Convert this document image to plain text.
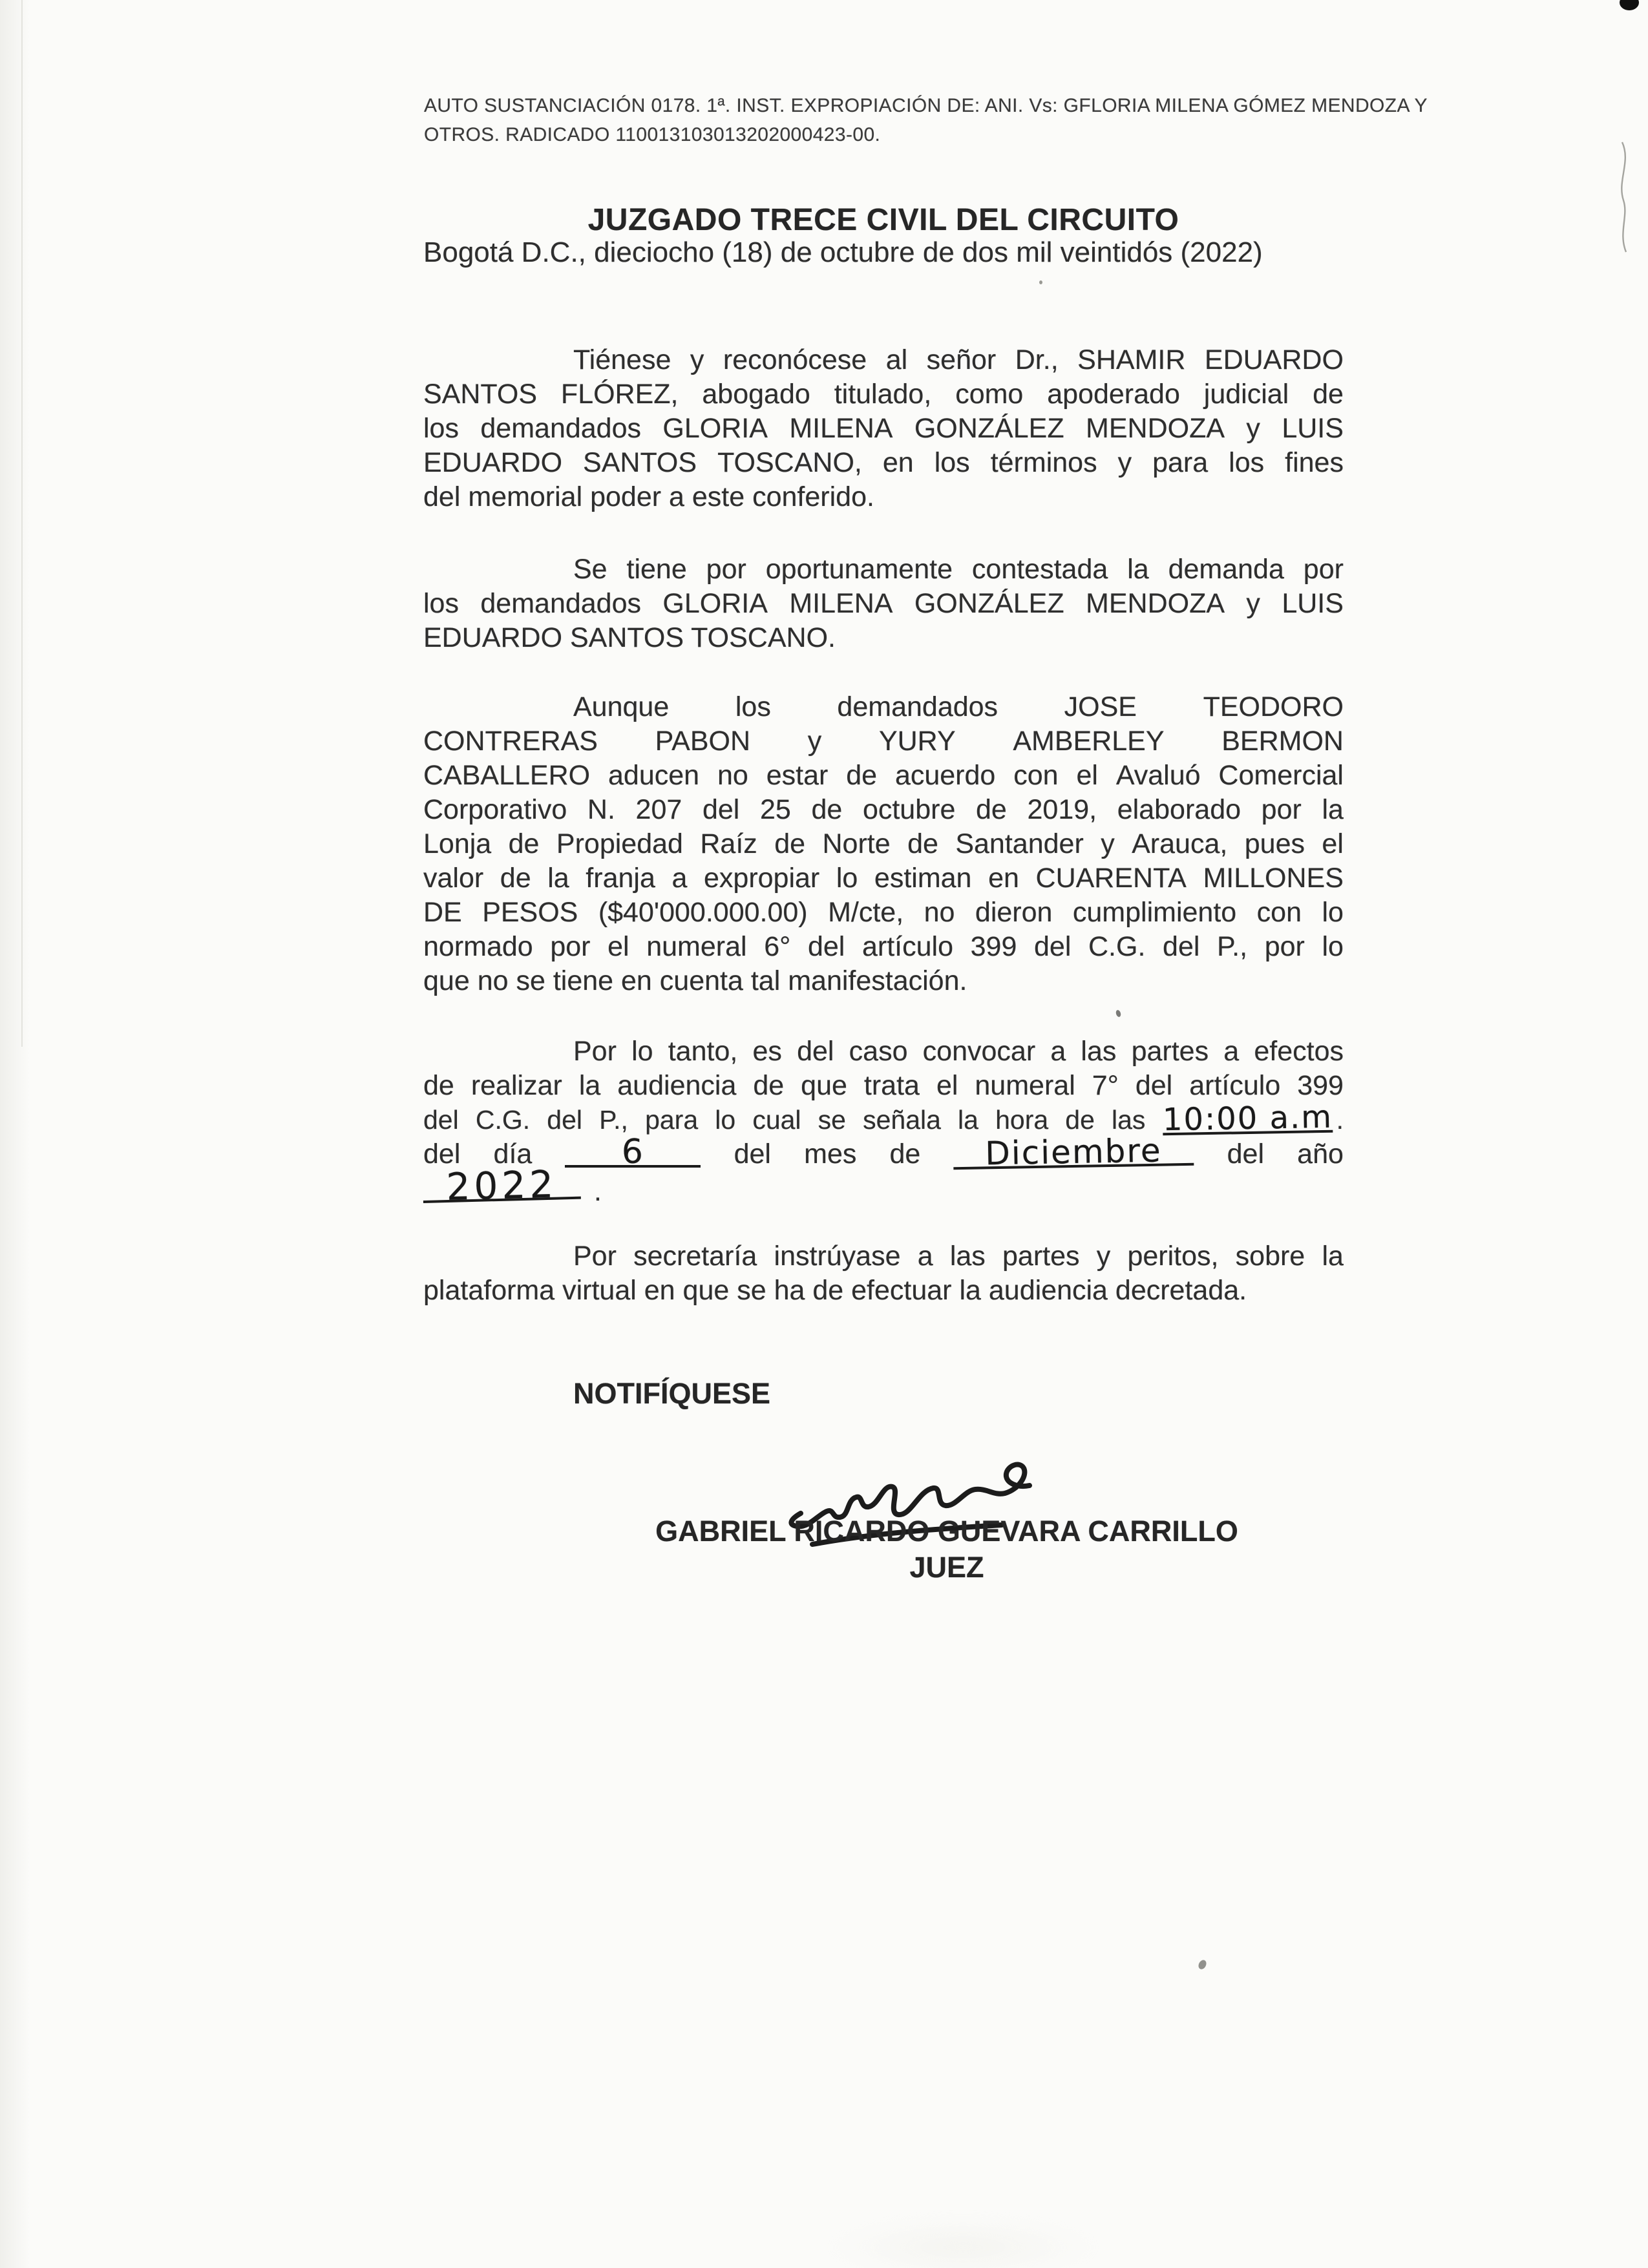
AUTO SUSTANCIACIÓN 0178. 1ª. INST. EXPROPIACIÓN DE: ANI. Vs: GFLORIA MILENA GÓMEZ MENDOZA Y
OTROS. RADICADO 110013103013202000423-00.
JUZGADO TRECE CIVIL DEL CIRCUITO
Bogotá D.C., dieciocho (18) de octubre de dos mil veintidós (2022)
Tiénese y reconócese al señor Dr., SHAMIR EDUARDO
SANTOS FLÓREZ, abogado titulado, como apoderado judicial de
los demandados GLORIA MILENA GONZÁLEZ MENDOZA y LUIS
EDUARDO SANTOS TOSCANO, en los términos y para los fines
del memorial poder a este conferido.
Se tiene por oportunamente contestada la demanda por
los demandados GLORIA MILENA GONZÁLEZ MENDOZA y LUIS
EDUARDO SANTOS TOSCANO.
Aunque los demandados JOSE TEODORO
CONTRERAS PABON y YURY AMBERLEY BERMON
CABALLERO aducen no estar de acuerdo con el Avaluó Comercial
Corporativo N. 207 del 25 de octubre de 2019, elaborado por la
Lonja de Propiedad Raíz de Norte de Santander y Arauca, pues el
valor de la franja a expropiar lo estiman en CUARENTA MILLONES
DE PESOS ($40'000.000.00) M/cte, no dieron cumplimiento con lo
normado por el numeral 6° del artículo 399 del C.G. del P., por lo
que no se tiene en cuenta tal manifestación.
Por lo tanto, es del caso convocar a las partes a efectos
de realizar la audiencia de que trata el numeral 7° del artículo 399
del C.G. del P., para lo cual se señala la hora de las 10:00 a.m .
del día	6	del mes de	Diciembre	del año
2022 .
Por secretaría instrúyase a las partes y peritos, sobre la
plataforma virtual en que se ha de efectuar la audiencia decretada.
NOTIFÍQUESE
GABRIEL RICARDO GUEVARA CARRILLO
JUEZ
